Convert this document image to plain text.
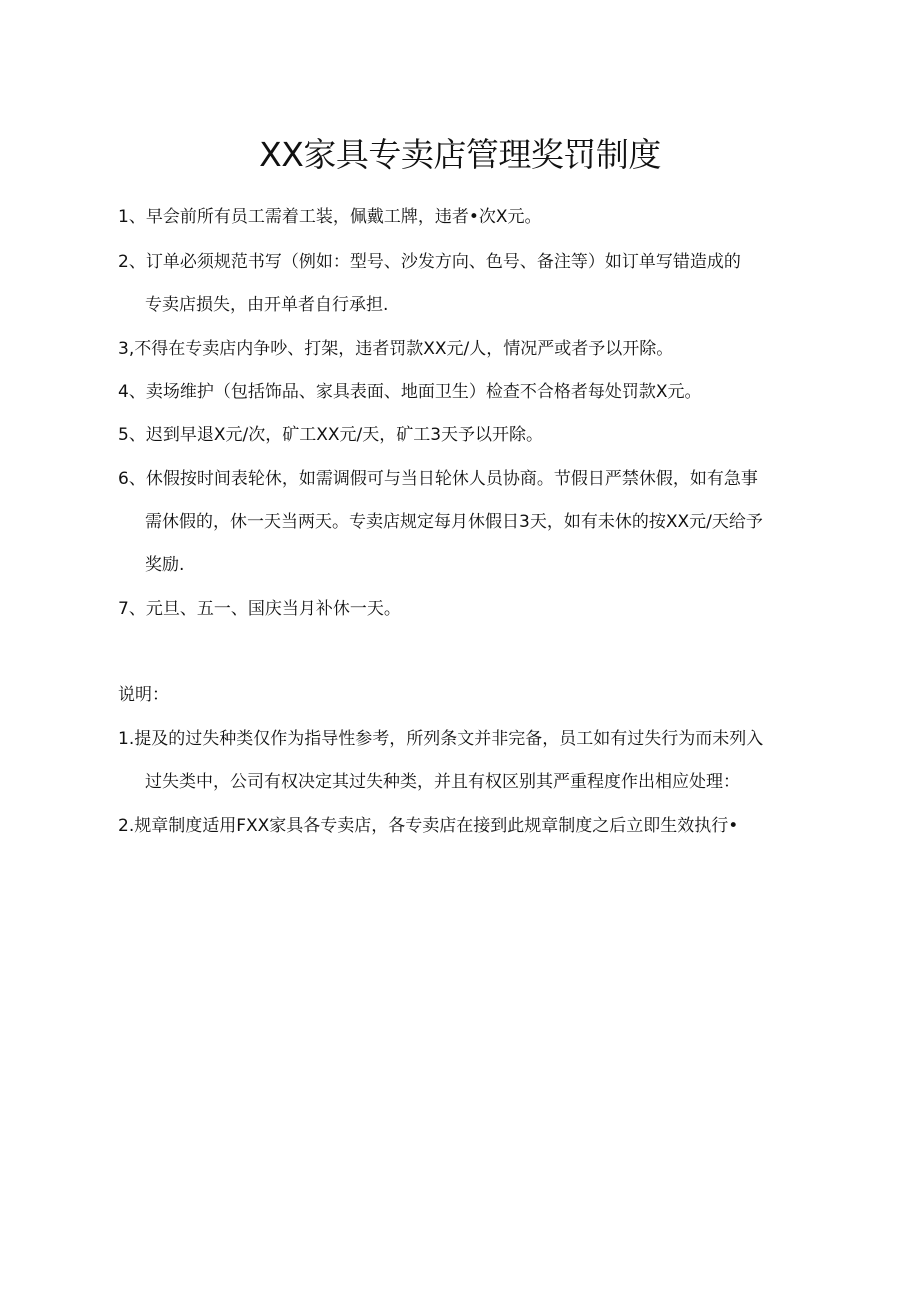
XX家具专卖店管理奖罚制度
1、早会前所有员工需着工装，佩戴工牌，违者•次X元。
2、订单必须规范书写（例如：型号、沙发方向、色号、备注等）如订单写错造成的
专卖店损失，由开单者自行承担.
3,不得在专卖店内争吵、打架，违者罚款XX元/人，情况严或者予以开除。
4、卖场维护（包括饰品、家具表面、地面卫生）检查不合格者每处罚款X元。
5、迟到早退X元/次，矿工XX元/天，矿工3天予以开除。
6、休假按时间表轮休，如需调假可与当日轮休人员协商。节假日严禁休假，如有急事
需休假的，休一天当两天。专卖店规定每月休假日3天，如有未休的按XX元/天给予
奖励.
7、元旦、五一、国庆当月补休一天。
说明：
1.提及的过失种类仅作为指导性参考，所列条文并非完备，员工如有过失行为而未列入
过失类中，公司有权决定其过失种类，并且有权区别其严重程度作出相应处理：
2.规章制度适用FXX家具各专卖店，各专卖店在接到此规章制度之后立即生效执行•
